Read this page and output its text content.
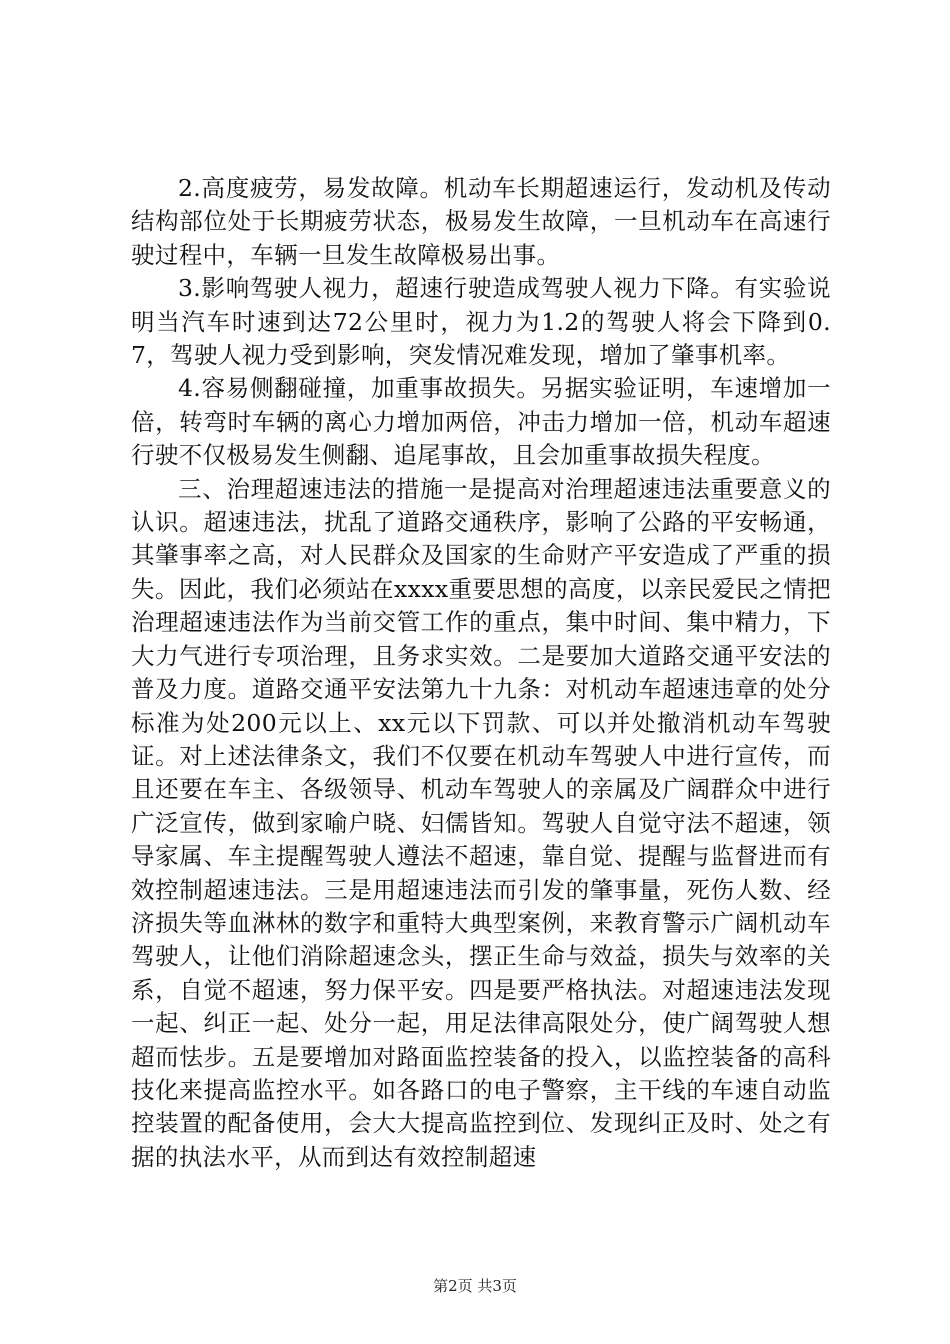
2.高度疲劳，易发故障。机动车长期超速运行，发动机及传动结构部位处于长期疲劳状态，极易发生故障，一旦机动车在高速行驶过程中，车辆一旦发生故障极易出事。

3.影响驾驶人视力，超速行驶造成驾驶人视力下降。有实验说明当汽车时速到达72公里时，视力为1.2的驾驶人将会下降到0.7，驾驶人视力受到影响，突发情况难发现，增加了肇事机率。

4.容易侧翻碰撞，加重事故损失。另据实验证明，车速增加一倍，转弯时车辆的离心力增加两倍，冲击力增加一倍，机动车超速行驶不仅极易发生侧翻、追尾事故，且会加重事故损失程度。

三、治理超速违法的措施一是提高对治理超速违法重要意义的认识。超速违法，扰乱了道路交通秩序，影响了公路的平安畅通，其肇事率之高，对人民群众及国家的生命财产平安造成了严重的损失。因此，我们必须站在xxxx重要思想的高度，以亲民爱民之情把治理超速违法作为当前交管工作的重点，集中时间、集中精力，下大力气进行专项治理，且务求实效。二是要加大道路交通平安法的普及力度。道路交通平安法第九十九条：对机动车超速违章的处分标准为处200元以上、xx元以下罚款、可以并处撤消机动车驾驶证。对上述法律条文，我们不仅要在机动车驾驶人中进行宣传，而且还要在车主、各级领导、机动车驾驶人的亲属及广阔群众中进行广泛宣传，做到家喻户晓、妇儒皆知。驾驶人自觉守法不超速，领导家属、车主提醒驾驶人遵法不超速，靠自觉、提醒与监督进而有效控制超速违法。三是用超速违法而引发的肇事量，死伤人数、经济损失等血淋林的数字和重特大典型案例，来教育警示广阔机动车驾驶人，让他们消除超速念头，摆正生命与效益，损失与效率的关系，自觉不超速，努力保平安。四是要严格执法。对超速违法发现一起、纠正一起、处分一起，用足法律高限处分，使广阔驾驶人想超而怯步。五是要增加对路面监控装备的投入，以监控装备的高科技化来提高监控水平。如各路口的电子警察，主干线的车速自动监控装置的配备使用，会大大提高监控到位、发现纠正及时、处之有据的执法水平，从而到达有效控制超速

第2页 共3页
